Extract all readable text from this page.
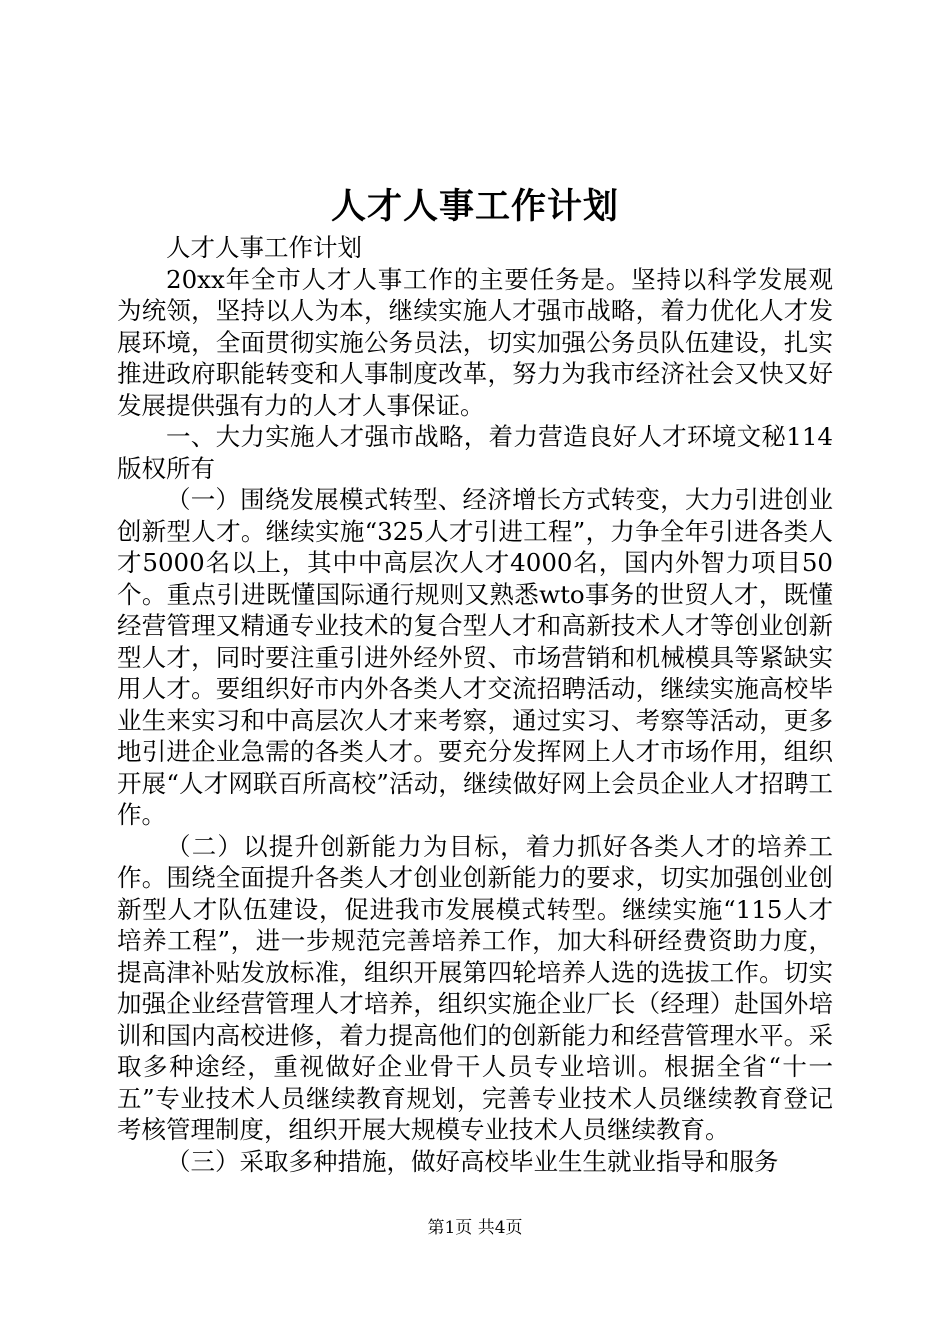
人才人事工作计划

人才人事工作计划

20xx年全市人才人事工作的主要任务是。坚持以科学发展观为统领，坚持以人为本，继续实施人才强市战略，着力优化人才发展环境，全面贯彻实施公务员法，切实加强公务员队伍建设，扎实推进政府职能转变和人事制度改革，努力为我市经济社会又快又好发展提供强有力的人才人事保证。

一、大力实施人才强市战略，着力营造良好人才环境文秘114版权所有

（一）围绕发展模式转型、经济增长方式转变，大力引进创业创新型人才。继续实施“325人才引进工程”，力争全年引进各类人才5000名以上，其中中高层次人才4000名，国内外智力项目50个。重点引进既懂国际通行规则又熟悉wto事务的世贸人才，既懂经营管理又精通专业技术的复合型人才和高新技术人才等创业创新型人才，同时要注重引进外经外贸、市场营销和机械模具等紧缺实用人才。要组织好市内外各类人才交流招聘活动，继续实施高校毕业生来实习和中高层次人才来考察，通过实习、考察等活动，更多地引进企业急需的各类人才。要充分发挥网上人才市场作用，组织开展“人才网联百所高校”活动，继续做好网上会员企业人才招聘工作。

（二）以提升创新能力为目标，着力抓好各类人才的培养工作。围绕全面提升各类人才创业创新能力的要求，切实加强创业创新型人才队伍建设，促进我市发展模式转型。继续实施“115人才培养工程”，进一步规范完善培养工作，加大科研经费资助力度，提高津补贴发放标准，组织开展第四轮培养人选的选拔工作。切实加强企业经营管理人才培养，组织实施企业厂长（经理）赴国外培训和国内高校进修，着力提高他们的创新能力和经营管理水平。采取多种途经，重视做好企业骨干人员专业培训。根据全省“十一五”专业技术人员继续教育规划，完善专业技术人员继续教育登记考核管理制度，组织开展大规模专业技术人员继续教育。

（三）采取多种措施，做好高校毕业生生就业指导和服务

第1页 共4页
